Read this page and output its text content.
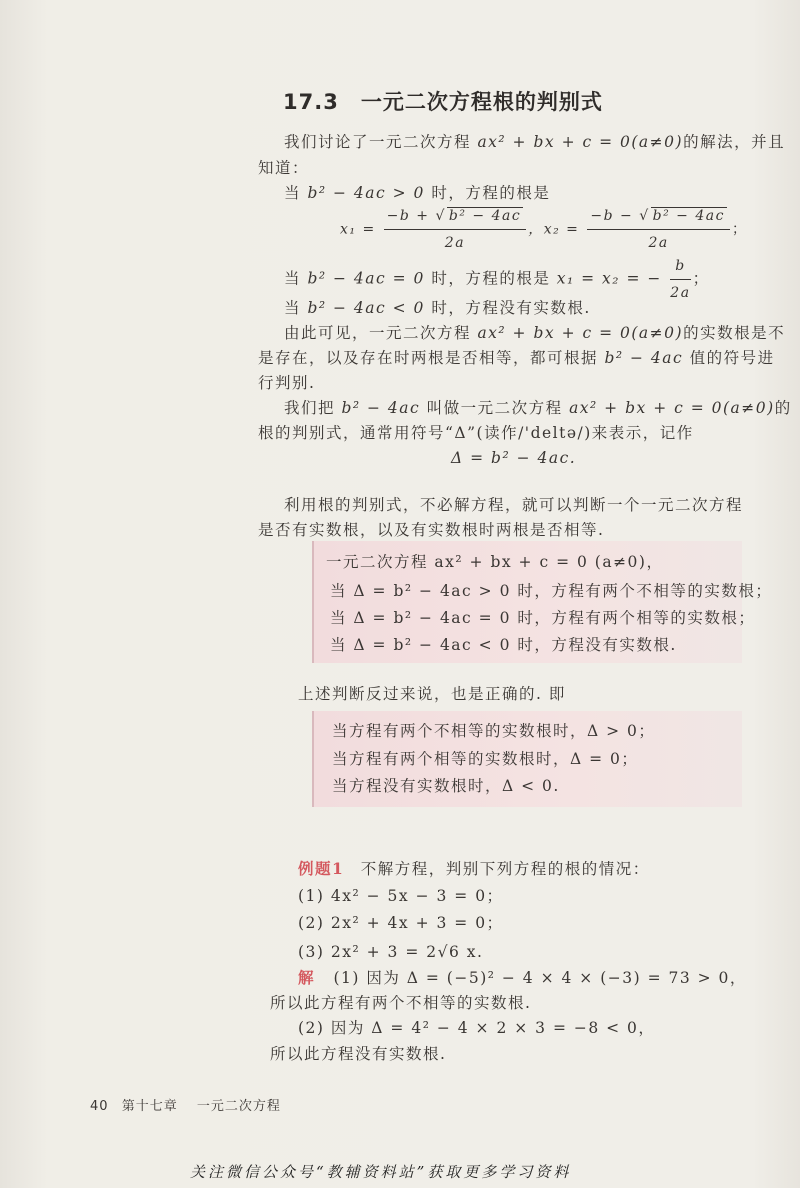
17.3 一元二次方程根的判别式
我们讨论了一元二次方程 ax² + bx + c = 0(a≠0)的解法，并且
知道：
当 b² − 4ac > 0 时，方程的根是
$x_1 = \frac{\text{−b + √ b² − 4ac}}{2a}$ ，$x_2 = \frac{\text{−b − √ b² − 4ac}}{2a}$ ；
当 b² − 4ac = 0 时，方程的根是 x₁ = x₂ = − $\frac{b}{2a}$ ；
当 b² − 4ac < 0 时，方程没有实数根.
由此可见，一元二次方程 ax² + bx + c = 0(a≠0)的实数根是不
是存在，以及存在时两根是否相等，都可根据 b² − 4ac 值的符号进
行判别.
我们把 b² − 4ac 叫做一元二次方程 ax² + bx + c = 0(a≠0)的
根的判别式，通常用符号“Δ”(读作/'deltə/)来表示，记作
Δ = b² − 4ac.
利用根的判别式，不必解方程，就可以判断一个一元二次方程
是否有实数根，以及有实数根时两根是否相等.
一元二次方程 ax² + bx + c = 0 (a≠0)，
当 Δ = b² − 4ac > 0 时，方程有两个不相等的实数根；
当 Δ = b² − 4ac = 0 时，方程有两个相等的实数根；
当 Δ = b² − 4ac < 0 时，方程没有实数根.
上述判断反过来说，也是正确的. 即
当方程有两个不相等的实数根时，Δ > 0；
当方程有两个相等的实数根时，Δ = 0；
当方程没有实数根时，Δ < 0.
例题1 不解方程，判别下列方程的根的情况：
(1) 4x² − 5x − 3 = 0；
(2) 2x² + 4x + 3 = 0；
(3) 2x² + 3 = 2√6 x.
解 (1) 因为 Δ = (−5)² − 4 × 4 × (−3) = 73 > 0，
所以此方程有两个不相等的实数根.
(2) 因为 Δ = 4² − 4 × 2 × 3 = −8 < 0，
所以此方程没有实数根.
40 第十七章 一元二次方程
关注微信公众号“教辅资料站”获取更多学习资料
